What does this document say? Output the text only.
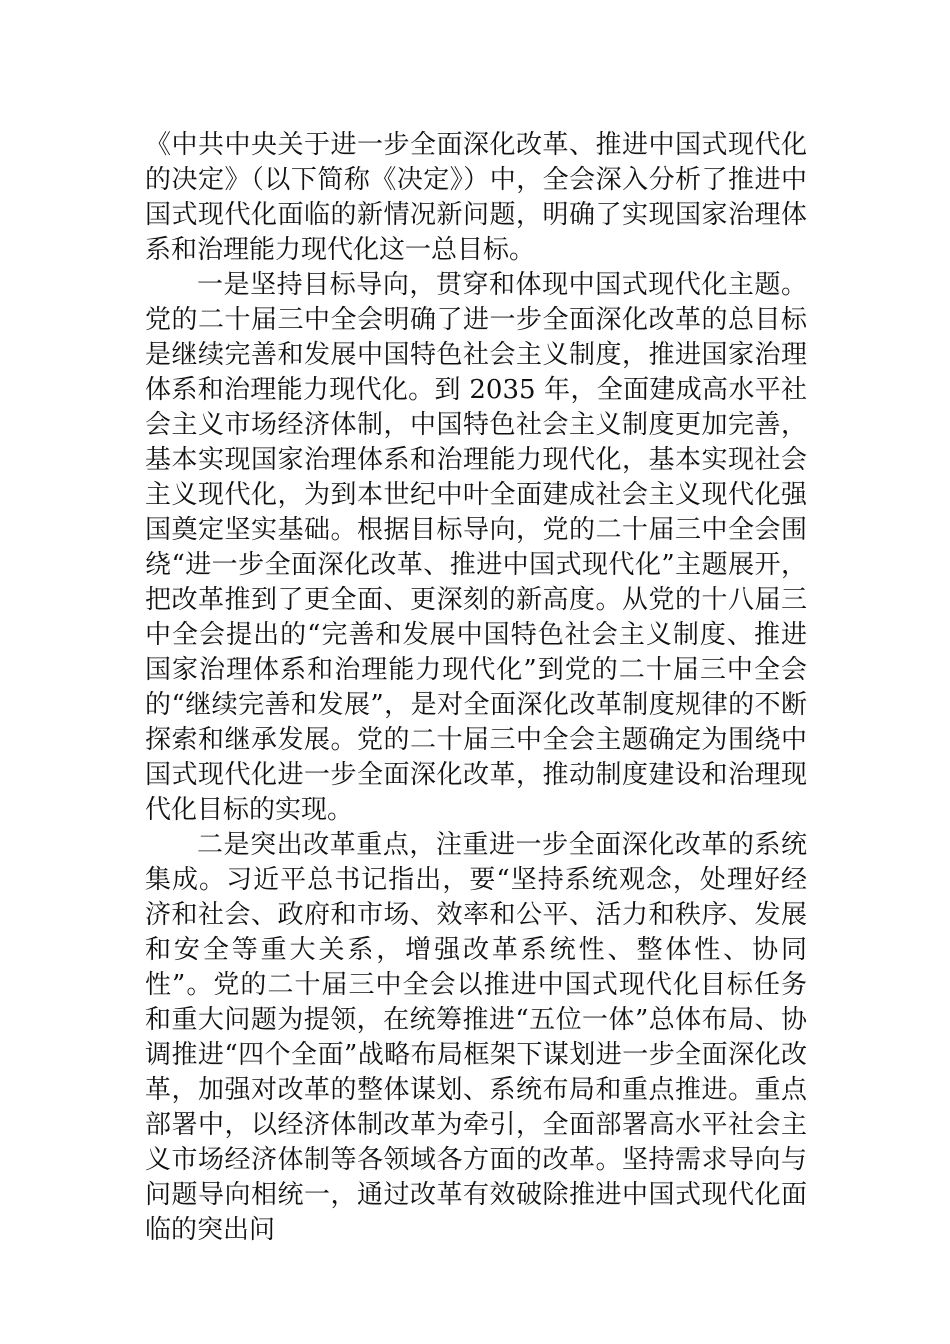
《中共中央关于进一步全面深化改革、推进中国式现代化的决定》（以下简称《决定》）中，全会深入分析了推进中国式现代化面临的新情况新问题，明确了实现国家治理体系和治理能力现代化这一总目标。

一是坚持目标导向，贯穿和体现中国式现代化主题。党的二十届三中全会明确了进一步全面深化改革的总目标是继续完善和发展中国特色社会主义制度，推进国家治理体系和治理能力现代化。到 2035 年，全面建成高水平社会主义市场经济体制，中国特色社会主义制度更加完善，基本实现国家治理体系和治理能力现代化，基本实现社会主义现代化，为到本世纪中叶全面建成社会主义现代化强国奠定坚实基础。根据目标导向，党的二十届三中全会围绕“进一步全面深化改革、推进中国式现代化”主题展开，把改革推到了更全面、更深刻的新高度。从党的十八届三中全会提出的“完善和发展中国特色社会主义制度、推进国家治理体系和治理能力现代化”到党的二十届三中全会的“继续完善和发展”，是对全面深化改革制度规律的不断探索和继承发展。党的二十届三中全会主题确定为围绕中国式现代化进一步全面深化改革，推动制度建设和治理现代化目标的实现。

二是突出改革重点，注重进一步全面深化改革的系统集成。习近平总书记指出，要“坚持系统观念，处理好经济和社会、政府和市场、效率和公平、活力和秩序、发展和安全等重大关系，增强改革系统性、整体性、协同性”。党的二十届三中全会以推进中国式现代化目标任务和重大问题为提领，在统筹推进“五位一体”总体布局、协调推进“四个全面”战略布局框架下谋划进一步全面深化改革，加强对改革的整体谋划、系统布局和重点推进。重点部署中，以经济体制改革为牵引，全面部署高水平社会主义市场经济体制等各领域各方面的改革。坚持需求导向与问题导向相统一，通过改革有效破除推进中国式现代化面临的突出问
